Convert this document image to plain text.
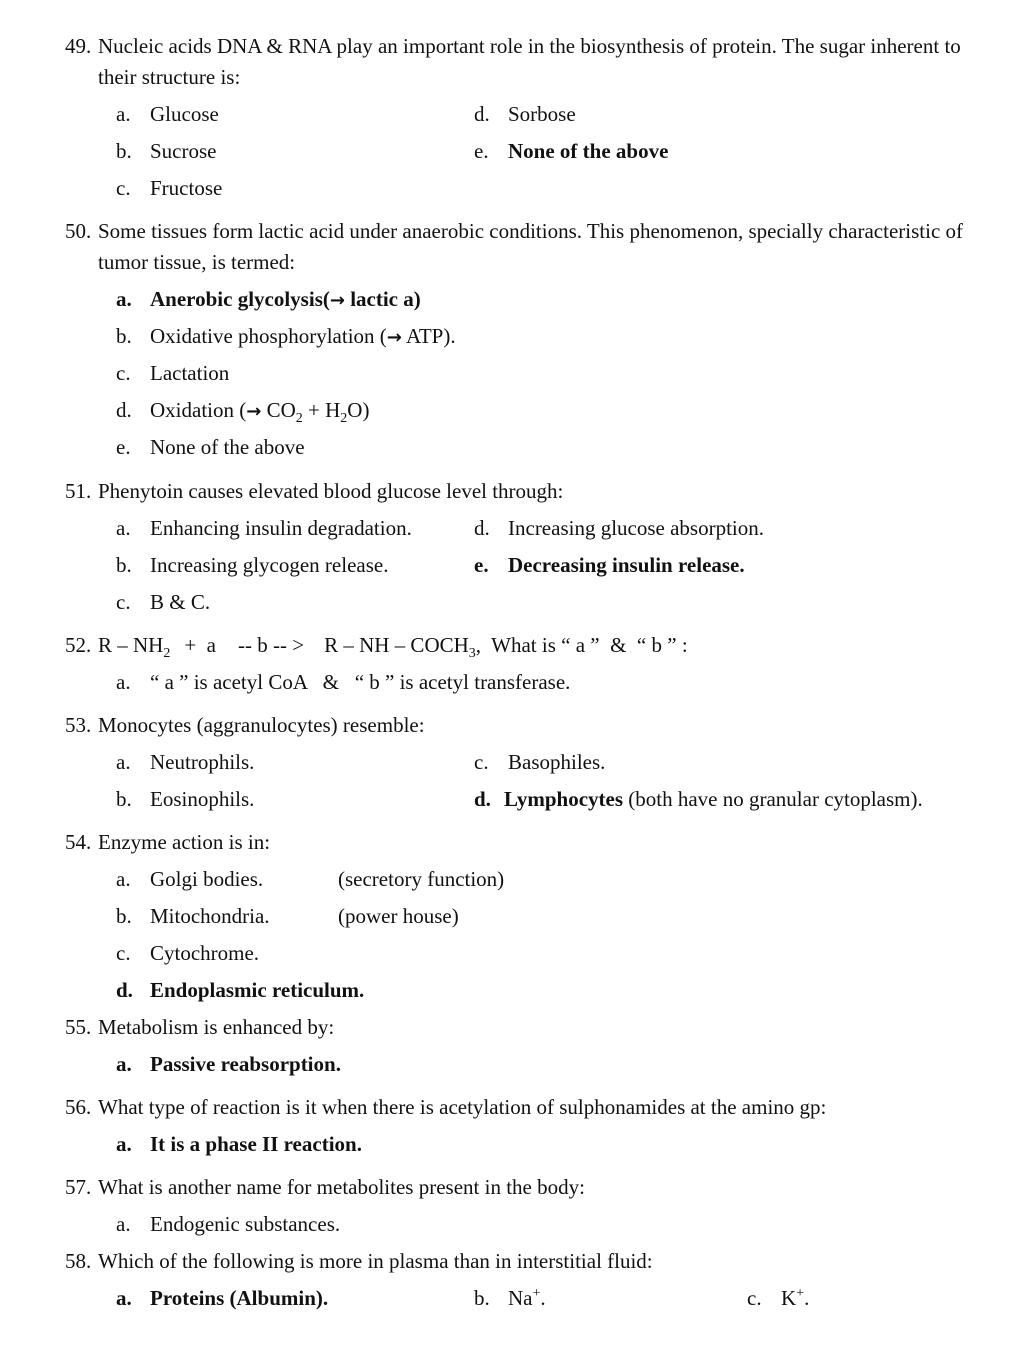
49. Nucleic acids DNA & RNA play an important role in the biosynthesis of protein. The sugar inherent to their structure is:
a. Glucose
b. Sucrose
c. Fructose
d. Sorbose
e. None of the above
50. Some tissues form lactic acid under anaerobic conditions. This phenomenon, specially characteristic of tumor tissue, is termed:
a. Anerobic glycolysis(→ lactic a)
b. Oxidative phosphorylation (→ ATP).
c. Lactation
d. Oxidation (→ $CO_2 + H_2O$)
e. None of the above
51. Phenytoin causes elevated blood glucose level through:
a. Enhancing insulin degradation.
b. Increasing glycogen release.
c. B & C.
d. Increasing glucose absorption.
e. Decreasing insulin release.
52. $R - NH_2 + a -- b$ -- > R – NH – $COCH_3$,  What is “ a ”  &  “ b ” :
a. “ a ” is acetyl CoA   &   “ b ” is acetyl transferase.
53. Monocytes (aggranulocytes) resemble:
a. Neutrophils.
b. Eosinophils.
c. Basophiles.
d. Lymphocytes (both have no granular cytoplasm).
54. Enzyme action is in:
a. Golgi bodies.	(secretory function)
b. Mitochondria.	(power house)
c. Cytochrome.
d. Endoplasmic reticulum.
55. Metabolism is enhanced by:
a. Passive reabsorption.
56. What type of reaction is it when there is acetylation of sulphonamides at the amino gp:
a. It is a phase II reaction.
57. What is another name for metabolites present in the body:
a. Endogenic substances.
58. Which of the following is more in plasma than in interstitial fluid:
a. Proteins (Albumin).	b. Na+.	c. K+.
